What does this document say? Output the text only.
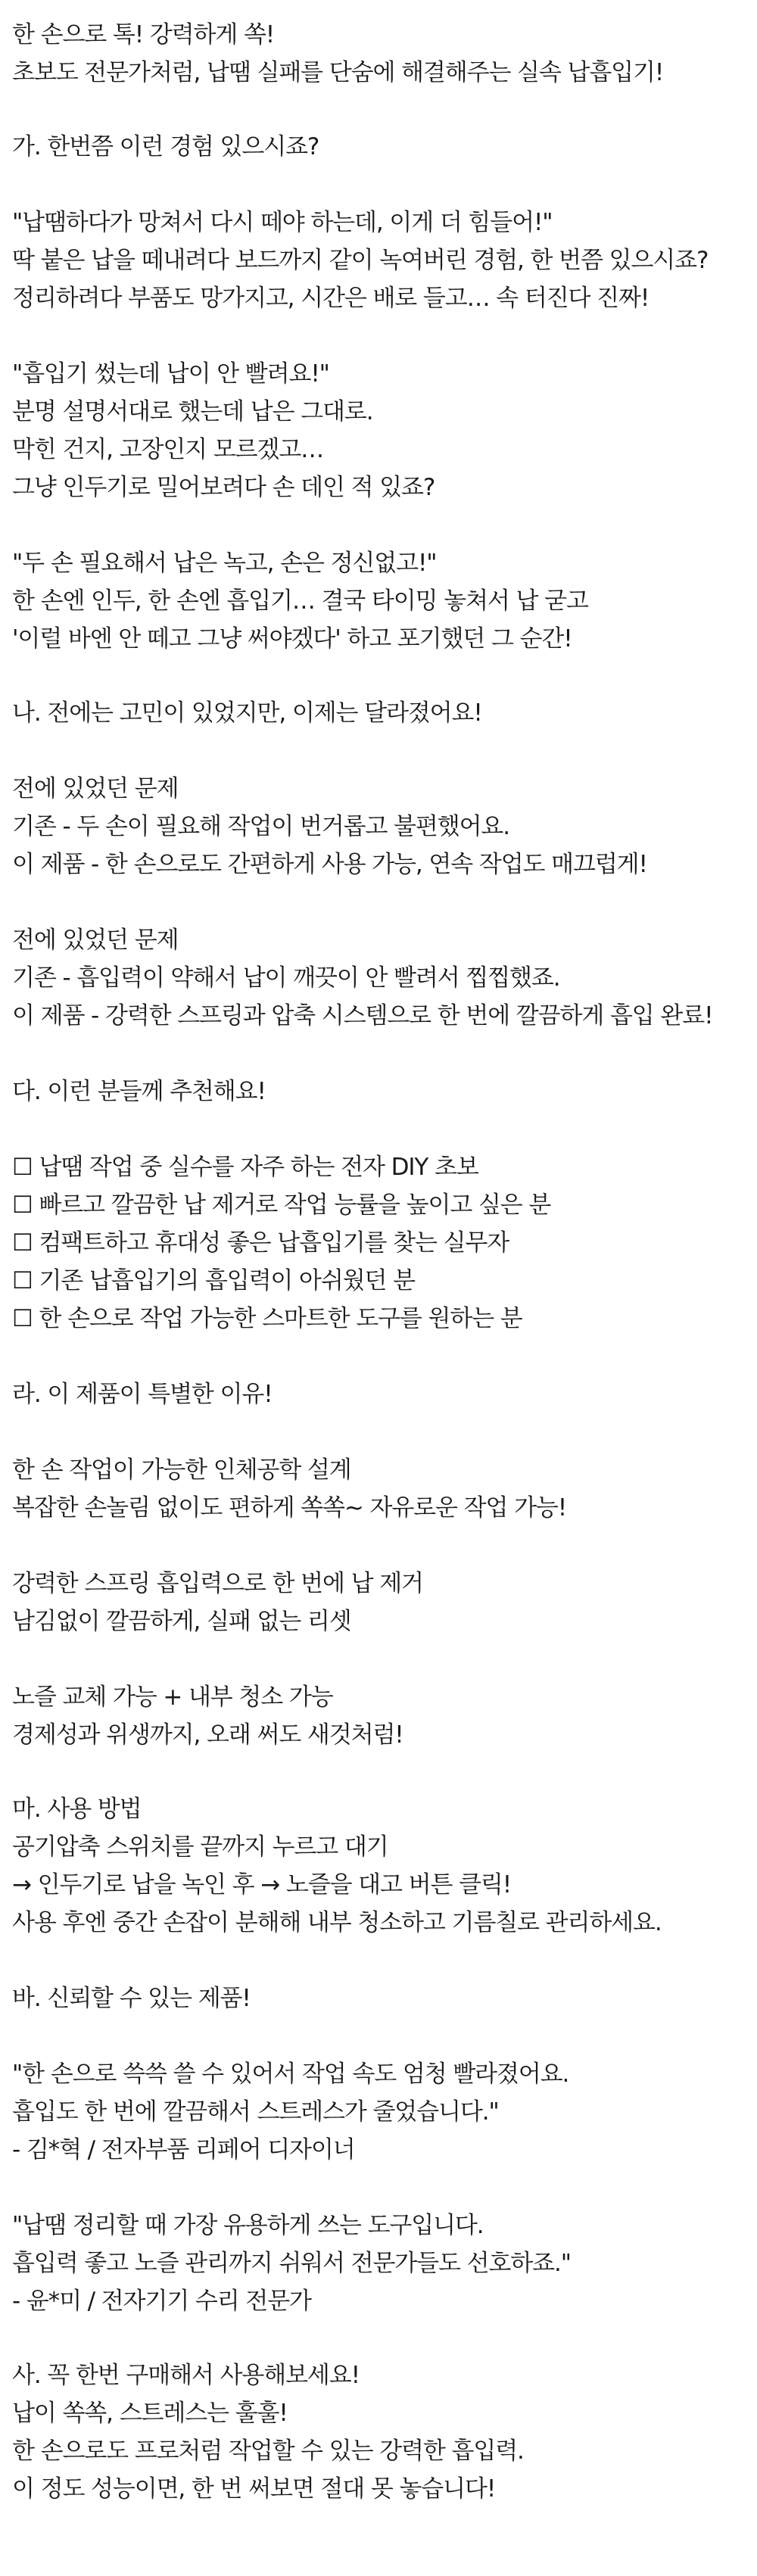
한 손으로 톡! 강력하게 쏙!
초보도 전문가처럼, 납땜 실패를 단숨에 해결해주는 실속 납흡입기!
가. 한번쯤 이런 경험 있으시죠?
"납땜하다가 망쳐서 다시 떼야 하는데, 이게 더 힘들어!"
딱 붙은 납을 떼내려다 보드까지 같이 녹여버린 경험, 한 번쯤 있으시죠?
정리하려다 부품도 망가지고, 시간은 배로 들고… 속 터진다 진짜!
"흡입기 썼는데 납이 안 빨려요!"
분명 설명서대로 했는데 납은 그대로.
막힌 건지, 고장인지 모르겠고…
그냥 인두기로 밀어보려다 손 데인 적 있죠?
"두 손 필요해서 납은 녹고, 손은 정신없고!"
한 손엔 인두, 한 손엔 흡입기… 결국 타이밍 놓쳐서 납 굳고
'이럴 바엔 안 떼고 그냥 써야겠다' 하고 포기했던 그 순간!
나. 전에는 고민이 있었지만, 이제는 달라졌어요!
전에 있었던 문제
기존 - 두 손이 필요해 작업이 번거롭고 불편했어요.
이 제품 - 한 손으로도 간편하게 사용 가능, 연속 작업도 매끄럽게!
전에 있었던 문제
기존 - 흡입력이 약해서 납이 깨끗이 안 빨려서 찝찝했죠.
이 제품 - 강력한 스프링과 압축 시스템으로 한 번에 깔끔하게 흡입 완료!
다. 이런 분들께 추천해요!
☐ 납땜 작업 중 실수를 자주 하는 전자 DIY 초보
☐ 빠르고 깔끔한 납 제거로 작업 능률을 높이고 싶은 분
☐ 컴팩트하고 휴대성 좋은 납흡입기를 찾는 실무자
☐ 기존 납흡입기의 흡입력이 아쉬웠던 분
☐ 한 손으로 작업 가능한 스마트한 도구를 원하는 분
라. 이 제품이 특별한 이유!
한 손 작업이 가능한 인체공학 설계
복잡한 손놀림 없이도 편하게 쏙쏙~ 자유로운 작업 가능!
강력한 스프링 흡입력으로 한 번에 납 제거
남김없이 깔끔하게, 실패 없는 리셋
노즐 교체 가능 + 내부 청소 가능
경제성과 위생까지, 오래 써도 새것처럼!
마. 사용 방법
공기압축 스위치를 끝까지 누르고 대기
→ 인두기로 납을 녹인 후 → 노즐을 대고 버튼 클릭!
사용 후엔 중간 손잡이 분해해 내부 청소하고 기름칠로 관리하세요.
바. 신뢰할 수 있는 제품!
"한 손으로 쓱쓱 쓸 수 있어서 작업 속도 엄청 빨라졌어요.
흡입도 한 번에 깔끔해서 스트레스가 줄었습니다."
- 김*혁 / 전자부품 리페어 디자이너
"납땜 정리할 때 가장 유용하게 쓰는 도구입니다.
흡입력 좋고 노즐 관리까지 쉬워서 전문가들도 선호하죠."
- 윤*미 / 전자기기 수리 전문가
사. 꼭 한번 구매해서 사용해보세요!
납이 쏙쏙, 스트레스는 훌훌!
한 손으로도 프로처럼 작업할 수 있는 강력한 흡입력.
이 정도 성능이면, 한 번 써보면 절대 못 놓습니다!
